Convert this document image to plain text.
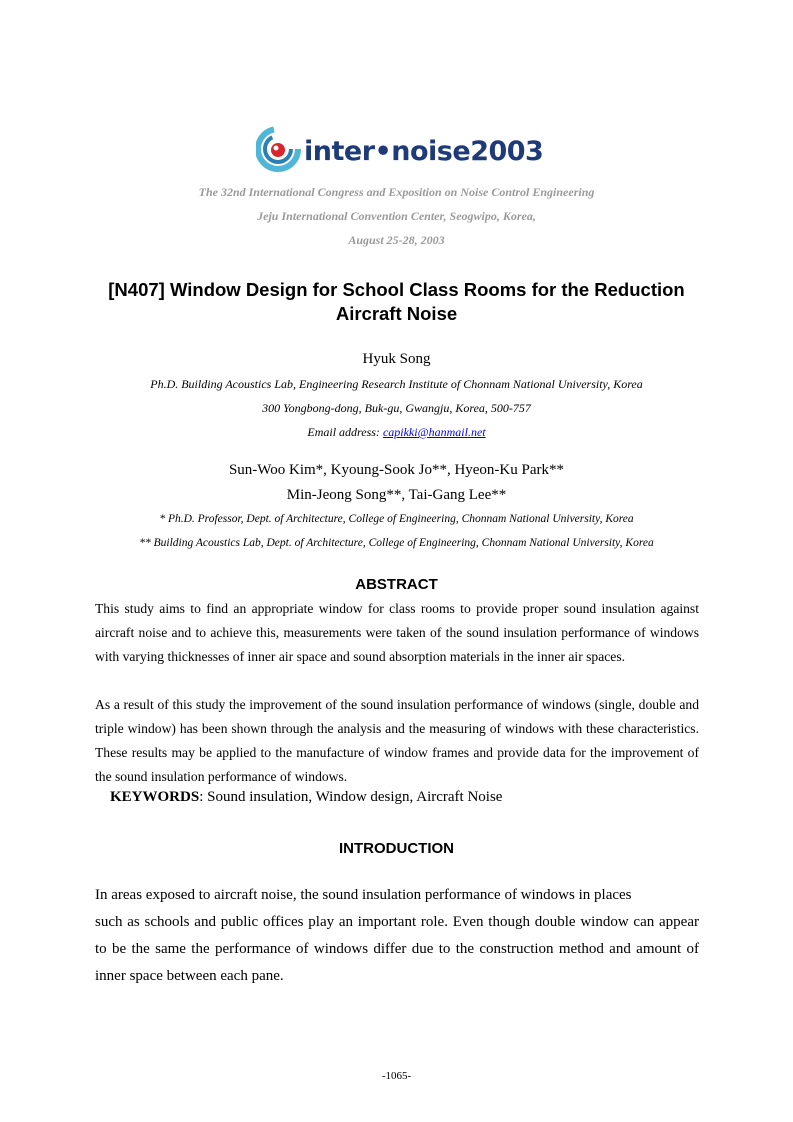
inter•noise2003
The 32nd International Congress and Exposition on Noise Control Engineering
Jeju International Convention Center, Seogwipo, Korea,
August 25-28, 2003
[N407] Window Design for School Class Rooms for the Reduction
Aircraft Noise
Hyuk Song
Ph.D. Building Acoustics Lab, Engineering Research Institute of Chonnam National University, Korea
300 Yongbong-dong, Buk-gu, Gwangju, Korea, 500-757
Email address: capikki@hanmail.net
Sun-Woo Kim*, Kyoung-Sook Jo**, Hyeon-Ku Park**
Min-Jeong Song**, Tai-Gang Lee**
* Ph.D. Professor, Dept. of Architecture, College of Engineering, Chonnam National University, Korea
** Building Acoustics Lab, Dept. of Architecture, College of Engineering, Chonnam National University, Korea
ABSTRACT
This study aims to find an appropriate window for class rooms to provide proper sound insulation against aircraft noise and to achieve this, measurements were taken of the sound insulation performance of windows with varying thicknesses of inner air space and sound absorption materials in the inner air spaces.
As a result of this study the improvement of the sound insulation performance of windows (single, double and triple window) has been shown through the analysis and the measuring of windows with these characteristics. These results may be applied to the manufacture of window frames and provide data for the improvement of the sound insulation performance of windows.
KEYWORDS: Sound insulation, Window design, Aircraft Noise
INTRODUCTION
In areas exposed to aircraft noise, the sound insulation performance of windows in places
such as schools and public offices play an important role. Even though double window can appear to be the same the performance of windows differ due to the construction method and amount of inner space between each pane.
-1065-
